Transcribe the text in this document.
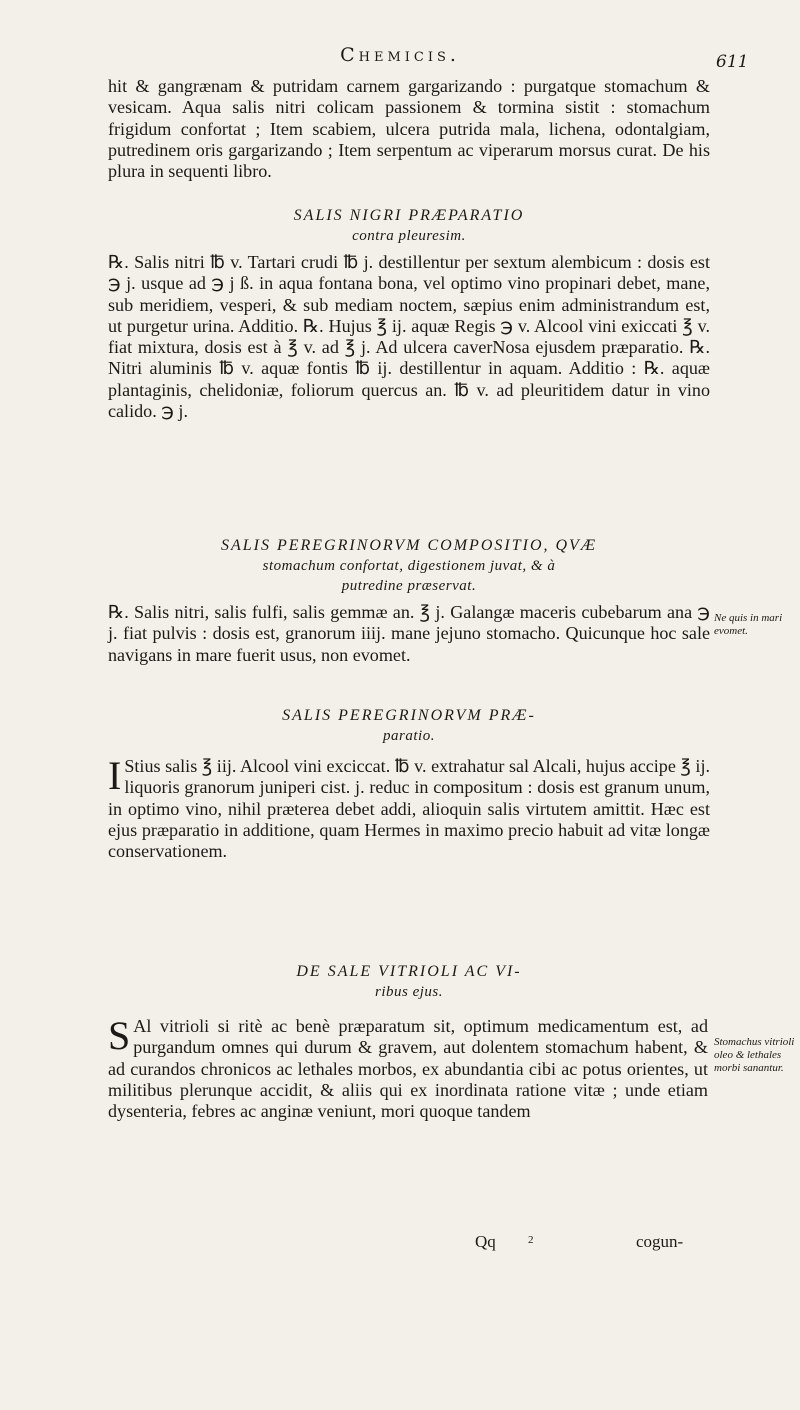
Chemicis.	611
hit & gangrænam & putridam carnem gargarizando : purgatque stomachum & vesicam. Aqua salis nitri colicam passionem & tormina sistit : stomachum frigidum confortat ; Item scabiem, ulcera putrida mala, lichena, odontalgiam, putredinem oris gargarizando ; Item serpentum ac viperarum morsus curat. De his plura in sequenti libro.
SALIS NIGRI PRÆPARATIO
contra pleuresim.
℞. Salis nitri ℔ v. Tartari crudi ℔ j. destillentur per sextum alembicum : dosis est ℈ j. usque ad ℈ j ß. in aqua fontana bona, vel optimo vino propinari debet, mane, sub meridiem, vesperi, & sub mediam noctem, sæpius enim administrandum est, ut purgetur urina. Additio. ℞. Hujus ℥ ij. aquæ Regis ℈ v. Alcool vini exiccati ℥ v. fiat mixtura, dosis est à ℥ v. ad ℥ j. Ad ulcera caverNosa ejusdem præparatio. ℞. Nitri aluminis ℔ v. aquæ fontis ℔ ij. destillentur in aquam. Additio : ℞. aquæ plantaginis, chelidoniæ, foliorum quercus an. ℔ v. ad pleuritidem datur in vino calido. ℈ j.
SALIS PEREGRINORVM COMPOSITIO, QVÆ
stomachum confortat, digestionem juvat, & à
putredine præservat.
℞. Salis nitri, salis fulfi, salis gemmæ an. ℥ j. Galangæ maceris cubebarum ana ℈ j. fiat pulvis : dosis est, granorum iiij. mane jejuno stomacho. Quicunque hoc sale navigans in mare fuerit usus, non evomet.
Ne quis in mari evomet.
SALIS PEREGRINORVM PRÆ-
paratio.
I Stius salis ℥ iij. Alcool vini exciccat. ℔ v. extrahatur sal Alcali, hujus accipe ℥ ij. liquoris granorum juniperi cist. j. reduc in compositum : dosis est granum unum, in optimo vino, nihil præterea debet addi, alioquin salis virtutem amittit. Hæc est ejus præparatio in additione, quam Hermes in maximo precio habuit ad vitæ longæ conservationem.
DE SALE VITRIOLI AC VI-
ribus ejus.
S Al vitrioli si ritè ac benè præparatum sit, optimum medicamentum est, ad purgandum omnes qui durum & gravem, aut dolentem stomachum habent, & ad curandos chronicos ac lethales morbos, ex abundantia cibi ac potus orientes, ut militibus plerunque accidit, & aliis qui ex inordinata ratione vitæ ; unde etiam dysenteria, febres ac anginæ veniunt, mori quoque tandem
Stomachus vitrioli oleo & lethales morbi sanantur.
Qq	2	cogun-
